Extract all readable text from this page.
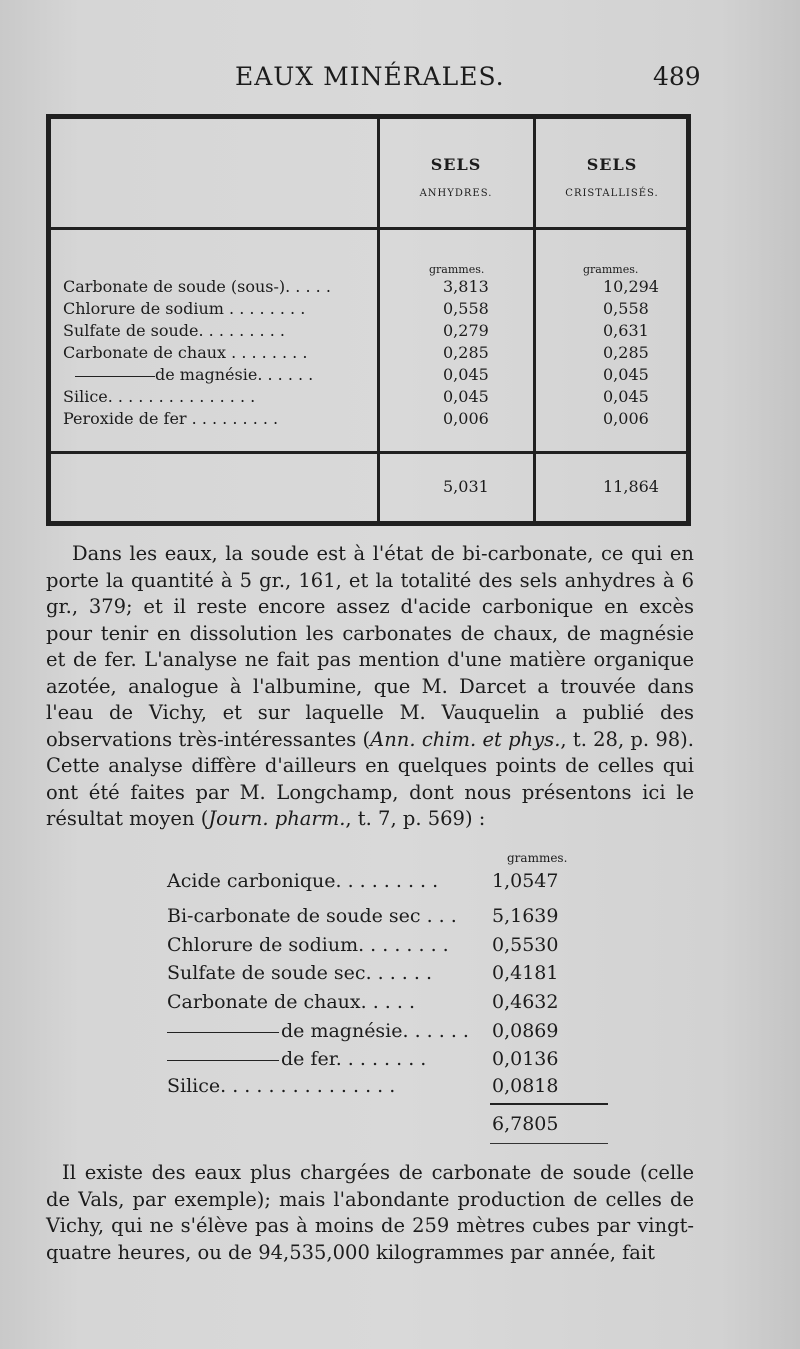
EAUX MINÉRALES.	489
SELS
ANHYDRES.
SELS
CRISTALLISÉS.
grammes.	grammes.
Carbonate de soude (sous-). . . . .	3,813	10,294
Chlorure de sodium . . . . . . . .	0,558	0,558
Sulfate de soude. . . . . . . . .	0,279	0,631
Carbonate de chaux . . . . . . . .	0,285	0,285
de magnésie. . . . . .	0,045	0,045
Silice. . . . . . . . . . . . . . .	0,045	0,045
Peroxide de fer . . . . . . . . .	0,006	0,006
5,031	11,864
Dans les eaux, la soude est à l'état de bi-carbonate, ce qui en porte la quantité à 5 gr., 161, et la totalité des sels anhydres à 6 gr., 379; et il reste encore assez d'acide carbonique en excès pour tenir en dissolution les carbonates de chaux, de magnésie et de fer. L'analyse ne fait pas mention d'une matière organique azotée, analogue à l'albumine, que M. Darcet a trouvée dans l'eau de Vichy, et sur laquelle M. Vauquelin a publié des observations très-intéressantes (Ann. chim. et phys., t. 28, p. 98). Cette analyse diffère d'ailleurs en quelques points de celles qui ont été faites par M. Longchamp, dont nous présentons ici le résultat moyen (Journ. pharm., t. 7, p. 569) :
grammes.
Acide carbonique. . . . . . . . .	1,0547
Bi-carbonate de soude sec . . . 5,1639
Chlorure de sodium. . . . . . . . 0,5530
Sulfate de soude sec. . . . . .	0,4181
Carbonate de chaux. . . . .	0,4632
de magnésie. . . . . . 0,0869
de fer. . . . . . . .	0,0136
Silice. . . . . . . . . . . . . . .	0,0818
6,7805
Il existe des eaux plus chargées de carbonate de soude (celle de Vals, par exemple); mais l'abondante production de celles de Vichy, qui ne s'élève pas à moins de 259 mètres cubes par vingt-quatre heures, ou de 94,535,000 kilogrammes par année, fait
